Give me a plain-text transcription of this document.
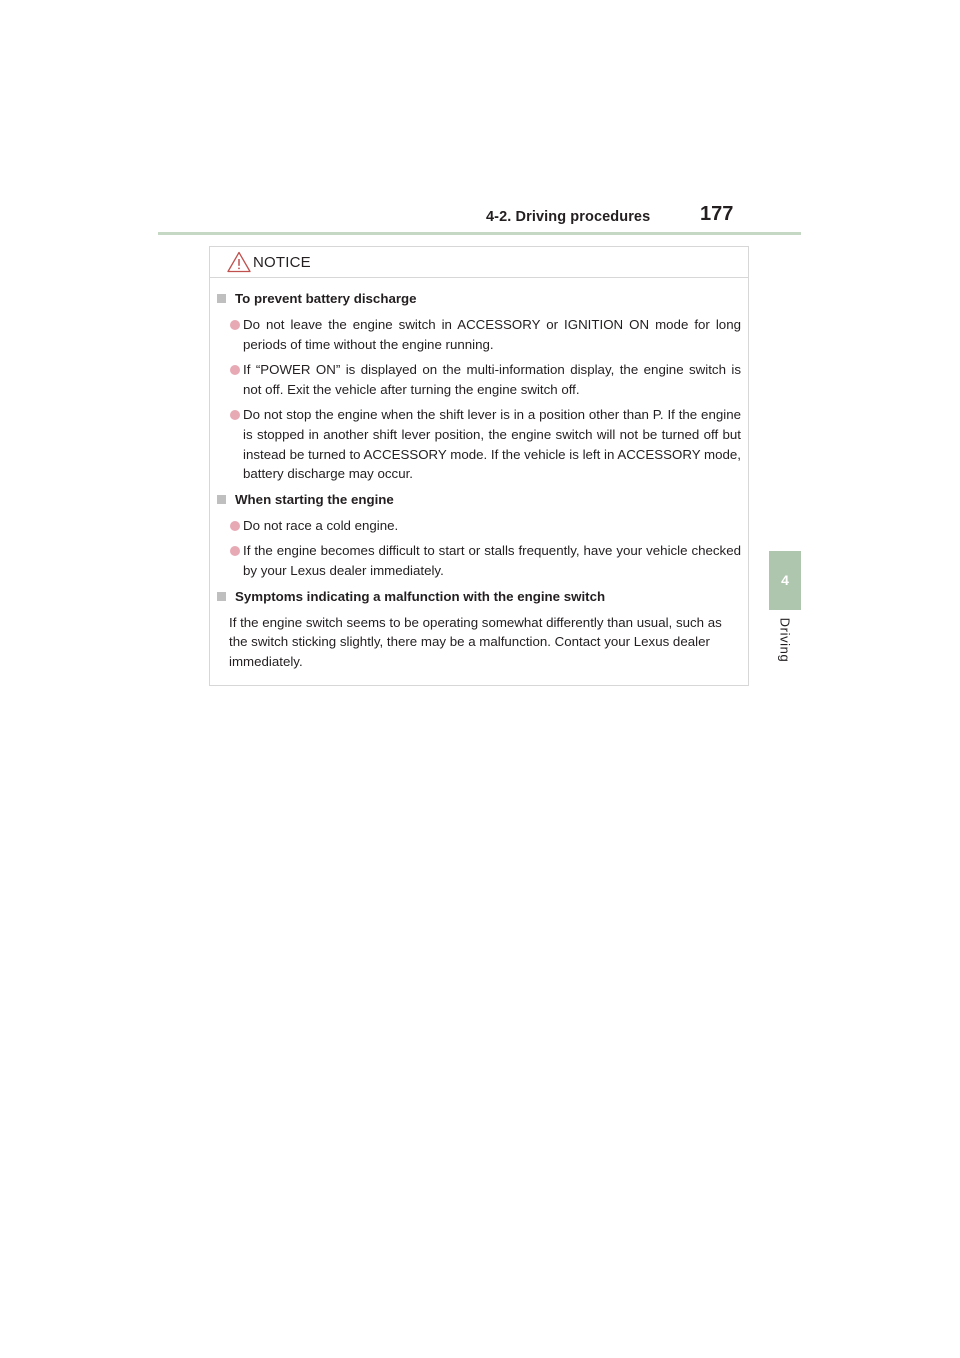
4-2. Driving procedures 177
4
Driving
NOTICE
To prevent battery discharge
Do not leave the engine switch in ACCESSORY or IGNITION ON mode for long periods of time without the engine running.
If “POWER ON” is displayed on the multi-information display, the engine switch is not off. Exit the vehicle after turning the engine switch off.
Do not stop the engine when the shift lever is in a position other than P. If the engine is stopped in another shift lever position, the engine switch will not be turned off but instead be turned to ACCESSORY mode. If the vehicle is left in ACCESSORY mode, battery discharge may occur.
When starting the engine
Do not race a cold engine.
If the engine becomes difficult to start or stalls frequently, have your vehicle checked by your Lexus dealer immediately.
Symptoms indicating a malfunction with the engine switch
If the engine switch seems to be operating somewhat differently than usual, such as the switch sticking slightly, there may be a malfunction. Contact your Lexus dealer immediately.
